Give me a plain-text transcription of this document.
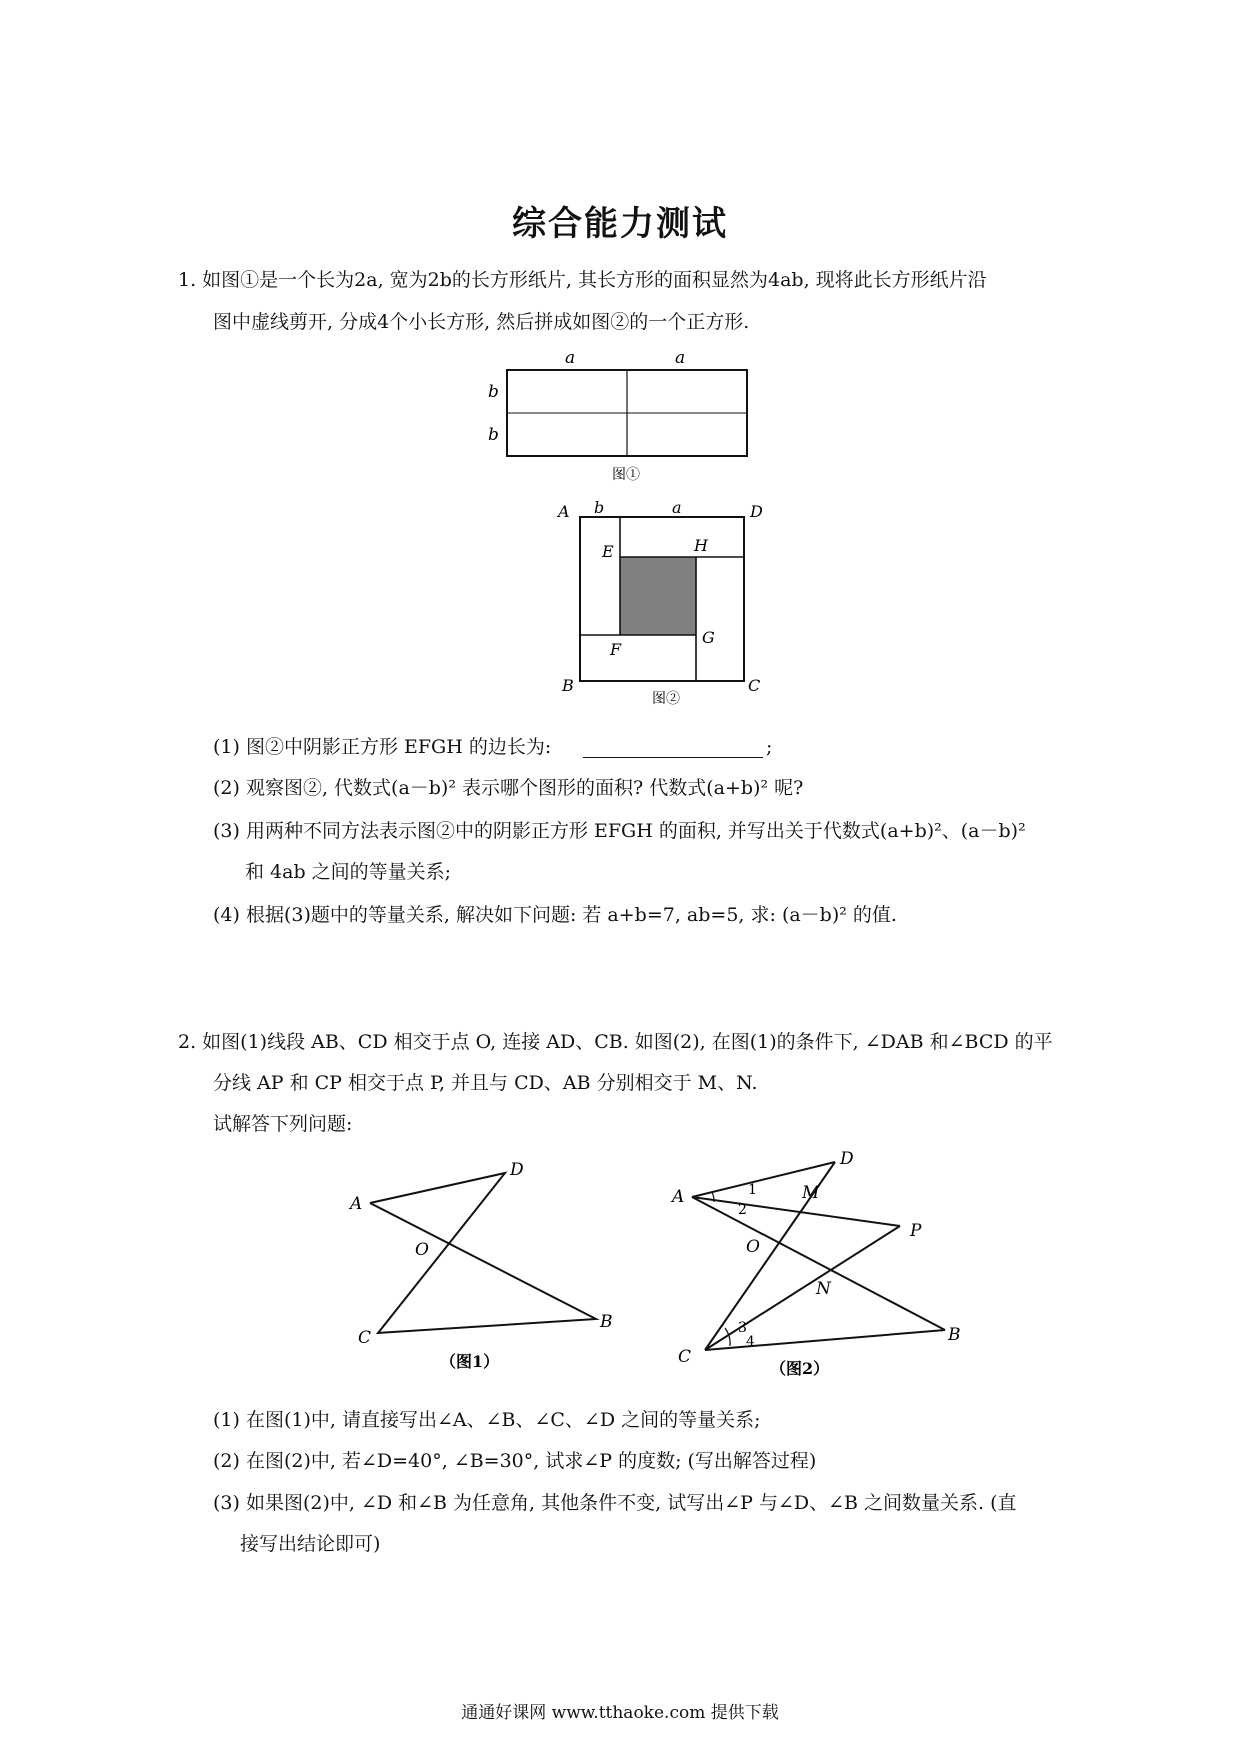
综合能力测试
1. 如图①是一个长为2a, 宽为2b的长方形纸片, 其长方形的面积显然为4ab, 现将此长方形纸片沿
图中虚线剪开, 分成4个小长方形, 然后拼成如图②的一个正方形.
a	a
b
b
图①
A	D
B	C
b	a
E	H
F
G
图②
(1) 图②中阴影正方形 EFGH 的边长为:	;
(2) 观察图②, 代数式(a－b)² 表示哪个图形的面积? 代数式(a+b)² 呢?
(3) 用两种不同方法表示图②中的阴影正方形 EFGH 的面积, 并写出关于代数式(a+b)²、(a－b)²
和 4ab 之间的等量关系;
(4) 根据(3)题中的等量关系, 解决如下问题: 若 a+b=7, ab=5, 求: (a－b)² 的值.
2. 如图(1)线段 AB、CD 相交于点 O, 连接 AD、CB. 如图(2), 在图(1)的条件下, ∠DAB 和∠BCD 的平
分线 AP 和 CP 相交于点 P, 并且与 CD、AB 分别相交于 M、N.
试解答下列问题:
A
D
O
C
B
（图1）
A
D
M
P
O
N
C
B
1
2
3
4
（图2）
(1) 在图(1)中, 请直接写出∠A、∠B、∠C、∠D 之间的等量关系;
(2) 在图(2)中, 若∠D=40°, ∠B=30°, 试求∠P 的度数; (写出解答过程)
(3) 如果图(2)中, ∠D 和∠B 为任意角, 其他条件不变, 试写出∠P 与∠D、∠B 之间数量关系. (直
接写出结论即可)
通通好课网 www.tthaoke.com 提供下载
